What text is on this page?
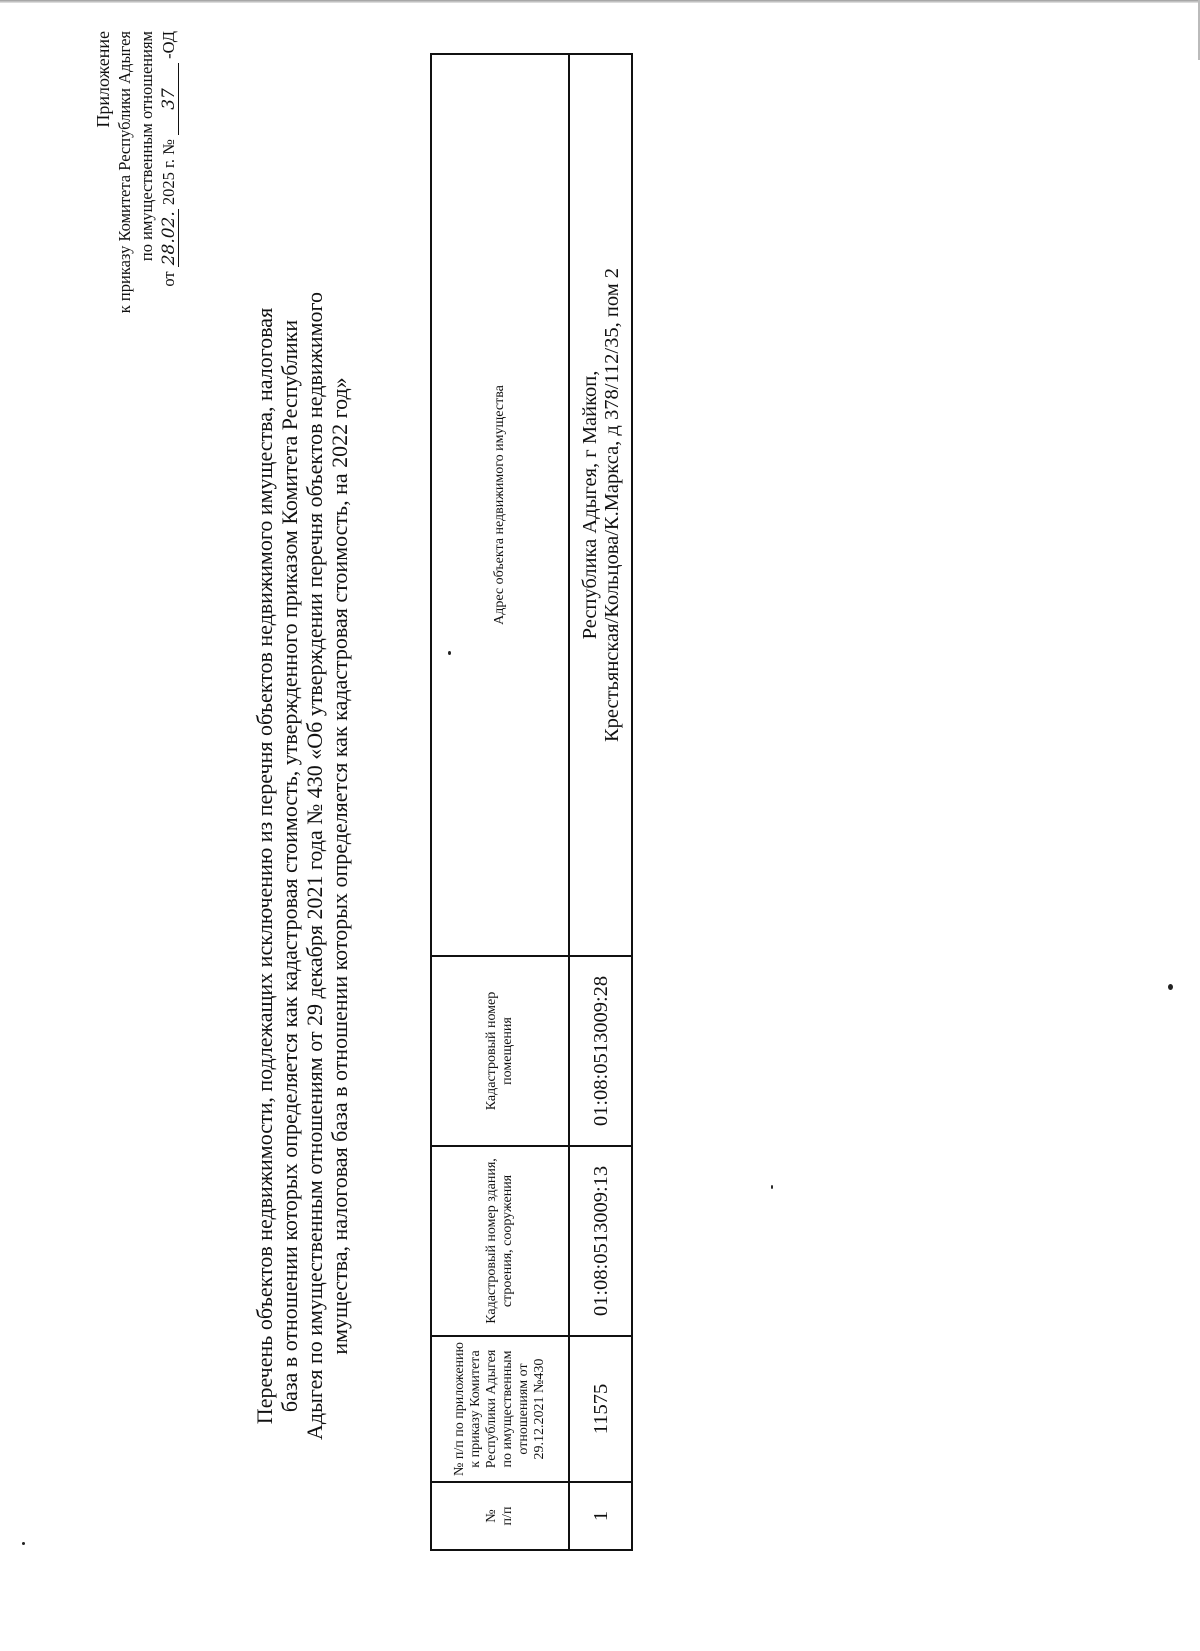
Приложение к приказу Комитета Республики Адыгея по имущественным отношениям
от 28.02. 2025 г. № 37 -ОД
Перечень объектов недвижимости, подлежащих исключению из перечня объектов недвижимого имущества, налоговая база в отношении которых определяется как кадастровая стоимость, утвержденного приказом Комитета Республики Адыгея по имущественным отношениям от 29 декабря 2021 года № 430 «Об утверждении перечня объектов недвижимого имущества, налоговая база в отношении которых определяется как кадастровая стоимость, на 2022 год»
№
п/п	№ п/п по приложению к приказу Комитета Республики Адыгея по имущественным отношениям от 29.12.2021 №430	Кадастровый номер здания, строения, сооружения	Кадастровый номер помещения	Адрес объекта недвижимого имущества
1	11575	01:08:0513009:13	01:08:0513009:28	Республика Адыгея, г Майкоп,
Крестьянская/Кольцова/К.Маркса, д 378/112/35, пом 2
